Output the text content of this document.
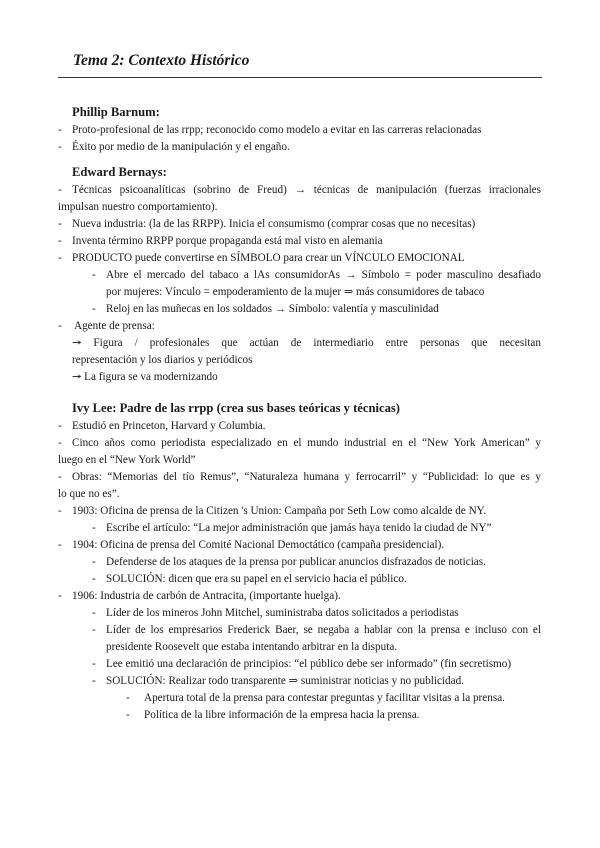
Tema 2: Contexto Histórico
Phillip Barnum:
- Proto-profesional de las rrpp; reconocido como modelo a evitar en las carreras relacionadas
- Éxito por medio de la manipulación y el engaño.
Edward Bernays:
- Técnicas psicoanalíticas (sobrino de Freud) → técnicas de manipulación (fuerzas irracionales
impulsan nuestro comportamiento).
- Nueva industria: (la de las RRPP). Inicia el consumismo (comprar cosas que no necesitas)
- Inventa término RRPP porque propaganda está mal visto en alemania
- PRODUCTO puede convertirse en SÍMBOLO para crear un VÍNCULO EMOCIONAL
- Abre el mercado del tabaco a lAs consumidorAs → Símbolo = poder masculino desafiado
por mujeres: Vínculo = empoderamiento de la mujer ⇒ más consumidores de tabaco
- Reloj en las muñecas en los soldados → Símbolo: valentía y masculinidad
- Agente de prensa:
↠ Figura / profesionales que actúan de intermediario entre personas que necesitan
representación y los diarios y periódicos
↠ La figura se va modernizando
Ivy Lee: Padre de las rrpp (crea sus bases teóricas y técnicas)
- Estudió en Princeton, Harvard y Columbia.
- Cinco años como periodista especializado en el mundo industrial en el “New York American” y
luego en el “New York World”
- Obras: “Memorias del tío Remus”, “Naturaleza humana y ferrocarril” y “Publicidad: lo que es y
lo que no es”.
- 1903: Oficina de prensa de la Citizen 's Union: Campaña por Seth Low como alcalde de NY.
- Escribe el artículo: “La mejor administración que jamás haya tenido la ciudad de NY”
- 1904: Oficina de prensa del Comité Nacional Democtático (campaña presidencial).
- Defenderse de los ataques de la prensa por publicar anuncios disfrazados de noticias.
- SOLUCIÓN: dicen que era su papel en el servicio hacia el público.
- 1906: Industria de carbón de Antracita, (importante huelga).
- Líder de los mineros John Mitchel, suministraba datos solicitados a periodistas
- Líder de los empresarios Frederick Baer, se negaba a hablar con la prensa e incluso con el
presidente Roosevelt que estaba intentando arbitrar en la disputa.
- Lee emitió una declaración de principios: “el público debe ser informado” (fin secretismo)
- SOLUCIÓN: Realizar todo transparente ⇒ suministrar noticias y no publicidad.
- Apertura total de la prensa para contestar preguntas y facilitar visitas a la prensa.
- Política de la libre información de la empresa hacia la prensa.
